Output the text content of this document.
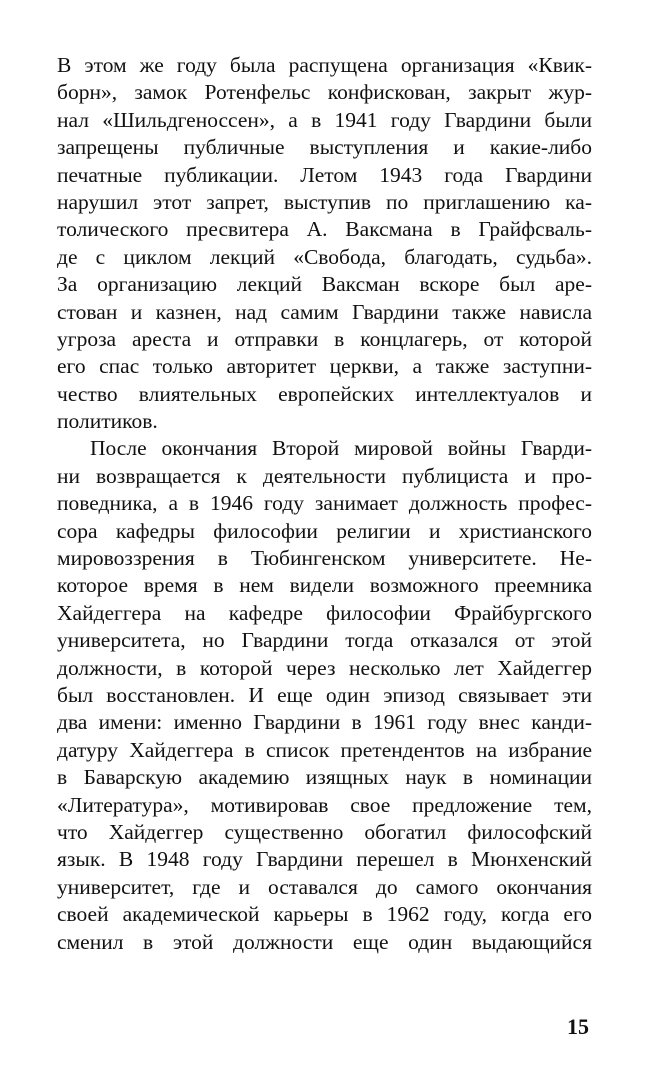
В этом же году была распущена организация «Квик-
борн», замок Ротенфельс конфискован, закрыт жур-
нал «Шильдгеноссен», а в 1941 году Гвардини были
запрещены публичные выступления и какие-либо
печатные публикации. Летом 1943 года Гвардини
нарушил этот запрет, выступив по приглашению ка-
толического пресвитера А. Ваксмана в Грайфсваль-
де с циклом лекций «Свобода, благодать, судьба».
За организацию лекций Ваксман вскоре был аре-
стован и казнен, над самим Гвардини также нависла
угроза ареста и отправки в концлагерь, от которой
его спас только авторитет церкви, а также заступни-
чество влиятельных европейских интеллектуалов и
политиков.
После окончания Второй мировой войны Гварди-
ни возвращается к деятельности публициста и про-
поведника, а в 1946 году занимает должность профес-
сора кафедры философии религии и христианского
мировоззрения в Тюбингенском университете. Не-
которое время в нем видели возможного преемника
Хайдеггера на кафедре философии Фрайбургского
университета, но Гвардини тогда отказался от этой
должности, в которой через несколько лет Хайдеггер
был восстановлен. И еще один эпизод связывает эти
два имени: именно Гвардини в 1961 году внес канди-
датуру Хайдеггера в список претендентов на избрание
в Баварскую академию изящных наук в номинации
«Литература», мотивировав свое предложение тем,
что Хайдеггер существенно обогатил философский
язык. В 1948 году Гвардини перешел в Мюнхенский
университет, где и оставался до самого окончания
своей академической карьеры в 1962 году, когда его
сменил в этой должности еще один выдающийся
15
